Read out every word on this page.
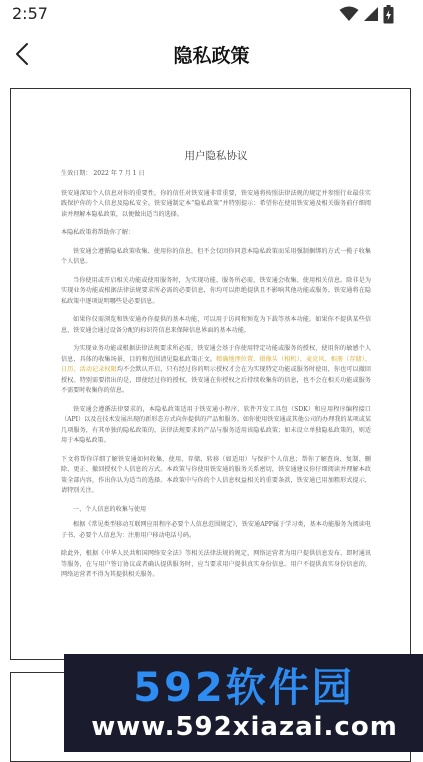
2:57
隐私政策
用户隐私协议
生效日期： 2022 年 7 月 1 日

铁安通深知个人信息对你的重要性，你的信任对铁安通非常重要，铁安通将按照法律法规的规定并参照行业最佳实践保护你的个人信息及隐私安全。铁安通制定本“隐私政策”并特别提示：希望你在使用铁安通及相关服务前仔细阅读并理解本隐私政策，以便做出适当的选择。

本隐私政策将帮助你了解：

铁安通会遵循隐私政策收集、使用你的信息，但不会仅因你同意本隐私政策而采用强制捆绑的方式一揽子收集个人信息。

当你使用或开启相关功能或使用服务时，为实现功能、服务所必需，铁安通会收集、使用相关信息。除非是为实现业务功能或根据法律法规要求所必需的必要信息，你均可以拒绝提供且不影响其他功能或服务。铁安通将在隐私政策中逐项说明哪些是必要信息。

如果你仅需浏览和铁安通办你提供的基本功能，可以用于访问和预览为下载等基本功能。如果你不提供某些信息，铁安通会通过设备分配的标识符信息来保障信息界面的基本功能。

为实现业务功能或根据法律法规要求所必需，铁安通会基于你使用特定功能或服务的授权，使用你的敏感个人信息，具体的收集场景，目的和范围请见隐私政策正文。精确地理位置、摄像头（相机）、麦克风、相册（存储）、日历、活动记录权限均不会默认开启，只有经过你的明示授权才会在为实现特定功能或服务时使用，你也可以撤回授权。特别需要指出的是，即使经过你的授权，铁安通在你授权之后持续收集你的信息，也不会在相关功能或服务不需要时收集你的信息。

铁安通会遵循法律要求的，本隐私政策适用于铁安通小程序、软件开发工具包（SDK）和应用程序编程接口（API）以及在技术发展出现的新形态方式向你提供的产品和服务。如你使用铁安通或其他公司的办理我的某项或某几项服务，有其单独的隐私政策的，法律法规要求的产品与服务适用该隐私政策；如未设立单独隐私政策的，则适用于本隐私政策。

下文将帮你详细了解铁安通如何收集、使用、存储、转移（如适用）与保护个人信息；帮你了解查询、复制、删除、更正、撤回授权个人信息的方式。本政策与你使用铁安通的服务关系密切，铁安通建议你仔细阅读并理解本政策全部内容，作出你认为适当的选择。本政策中与你的个人信息权益相关的重要条款，铁安通已用加粗形式提示，请特别关注。

一、个人信息的收集与使用

根据《常见类型移动互联网应用程序必要个人信息范围规定》，铁安通APP属于学习类，基本功能服务为阅读电子书，必要个人信息为：注册用户移动电话号码。

除此外，根据《中华人民共和国网络安全法》等相关法律法规的规定，网络运营者为用户提供信息发布、即时通讯等服务，在与用户签订协议或者确认提供服务时，应当要求用户提供真实身份信息。用户不提供真实身份信息的，网络运营者不得为其提供相关服务。

592软件园
www.592xiazai.com
